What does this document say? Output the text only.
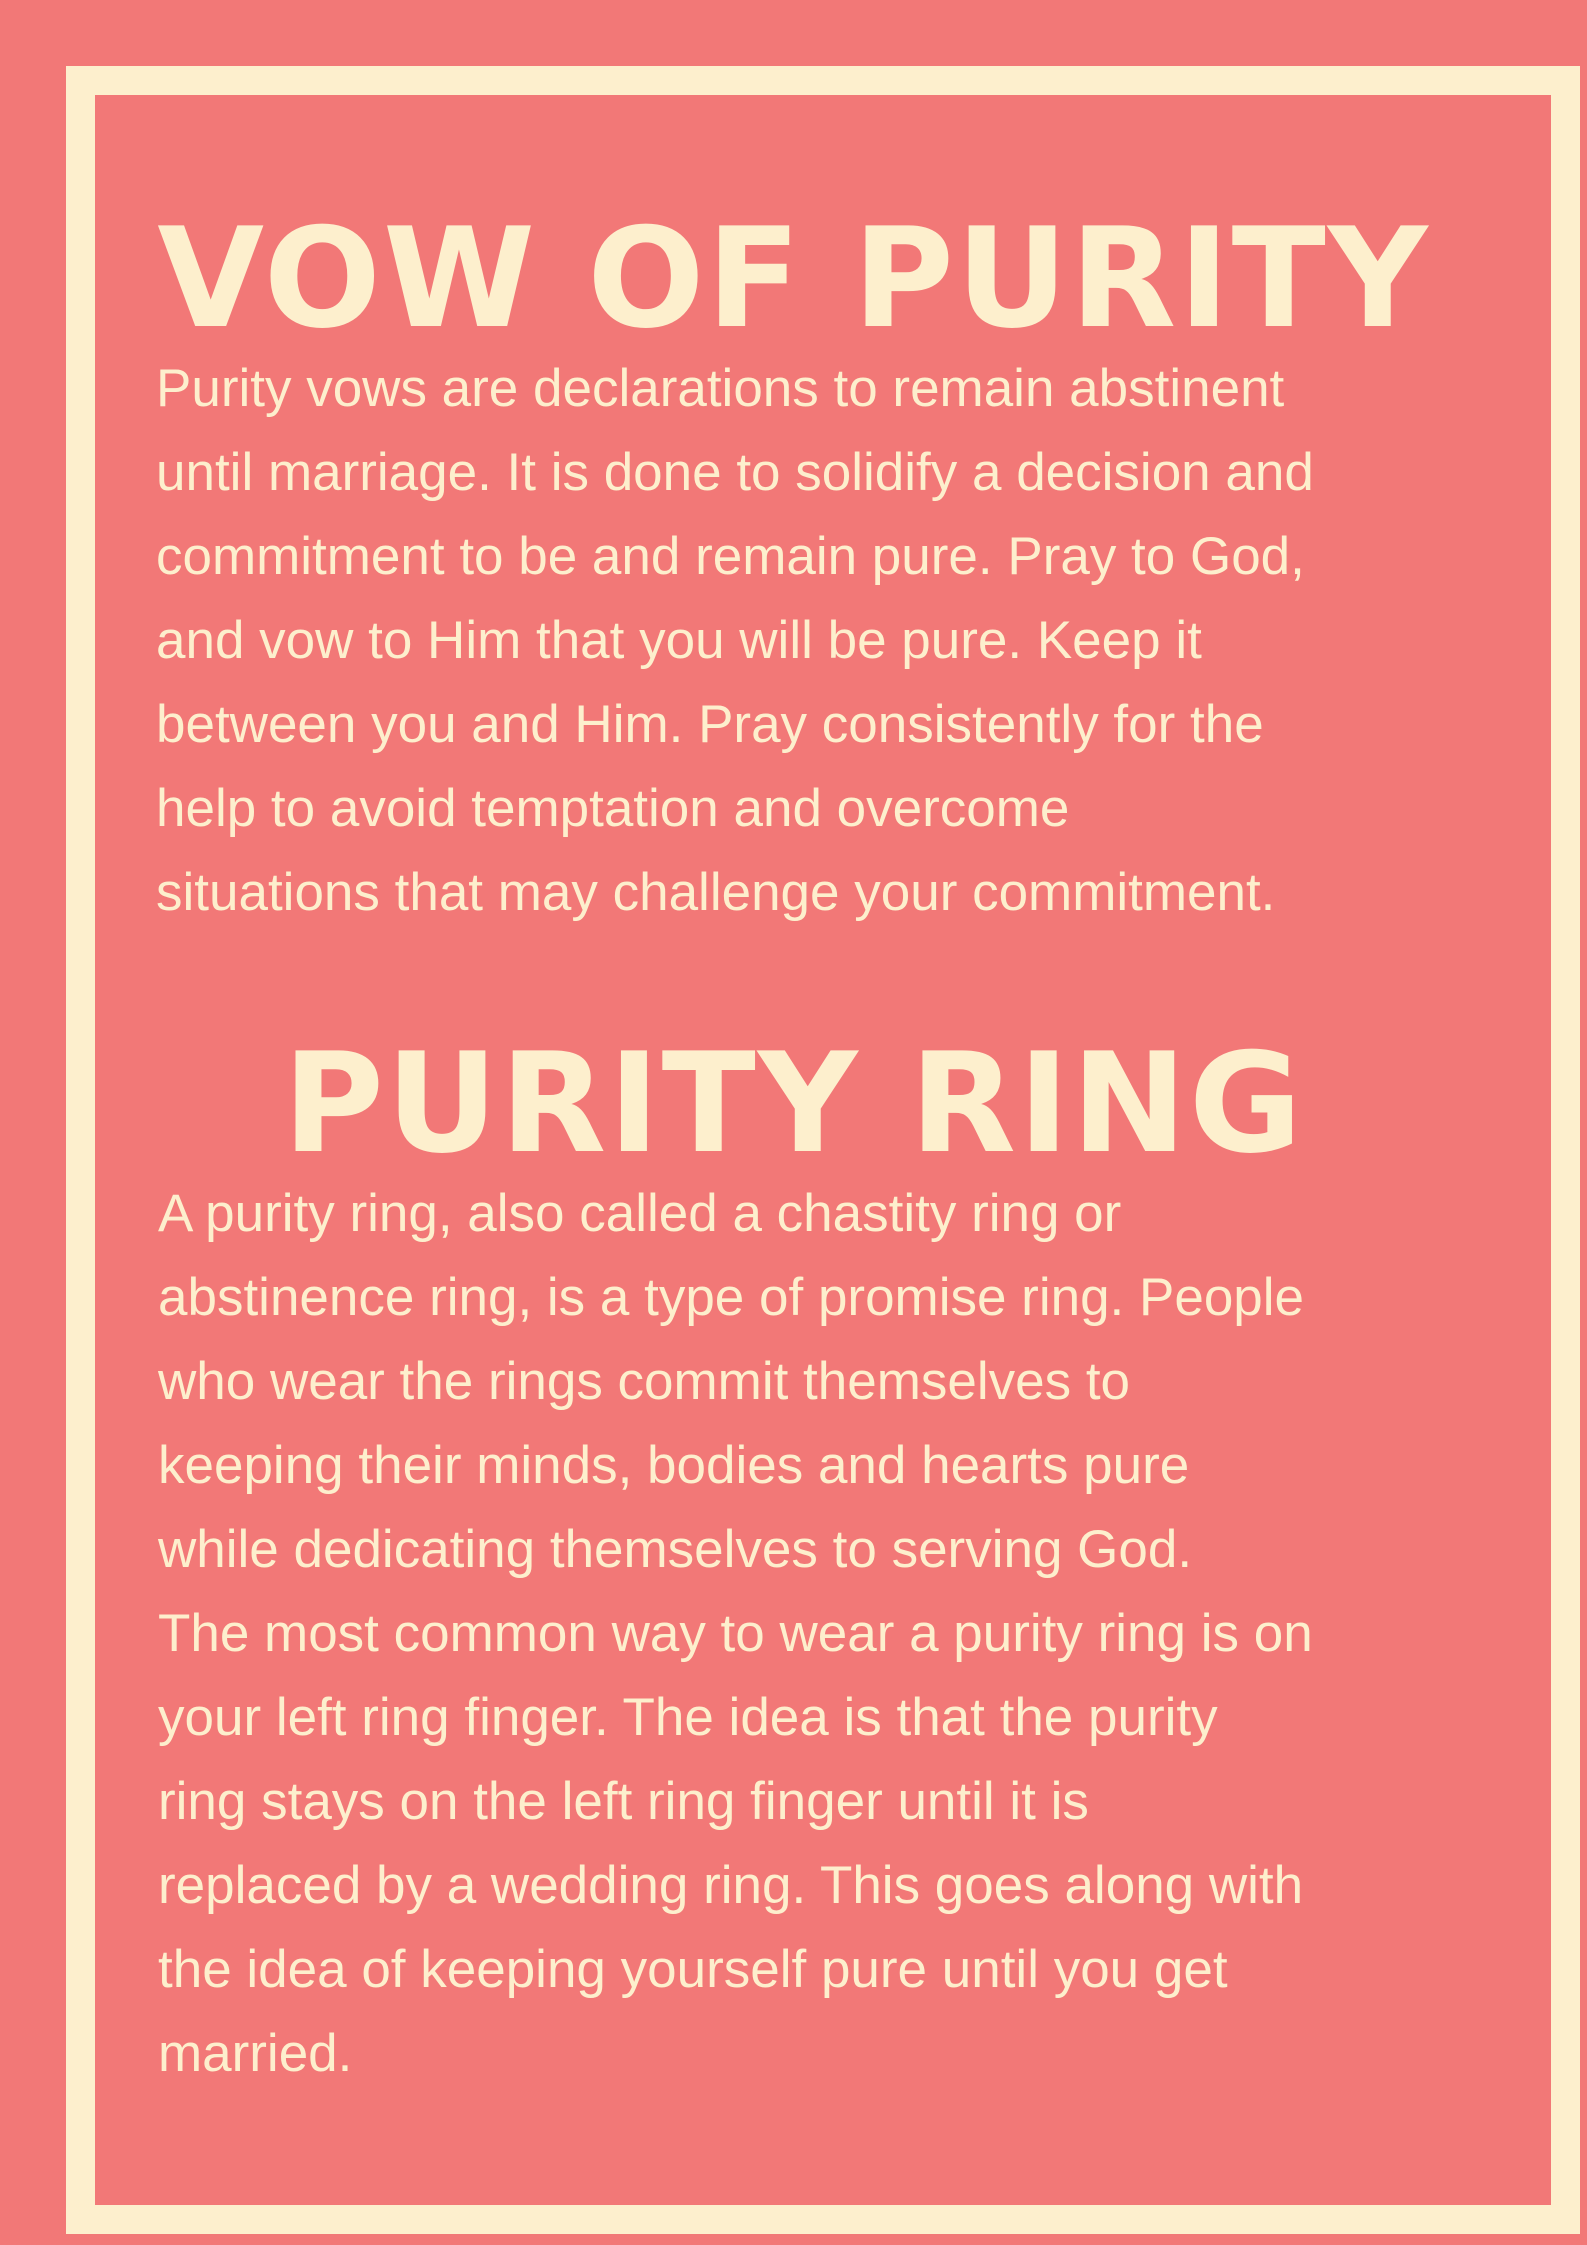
VOW OF PURITY
Purity vows are declarations to remain abstinent
until marriage. It is done to solidify a decision and
commitment to be and remain pure. Pray to God,
and vow to Him that you will be pure. Keep it
between you and Him. Pray consistently for the
help to avoid temptation and overcome
situations that may challenge your commitment.
PURITY RING
A purity ring, also called a chastity ring or
abstinence ring, is a type of promise ring. People
who wear the rings commit themselves to
keeping their minds, bodies and hearts pure
while dedicating themselves to serving God.
The most common way to wear a purity ring is on
your left ring finger. The idea is that the purity
ring stays on the left ring finger until it is
replaced by a wedding ring. This goes along with
the idea of keeping yourself pure until you get
married.
